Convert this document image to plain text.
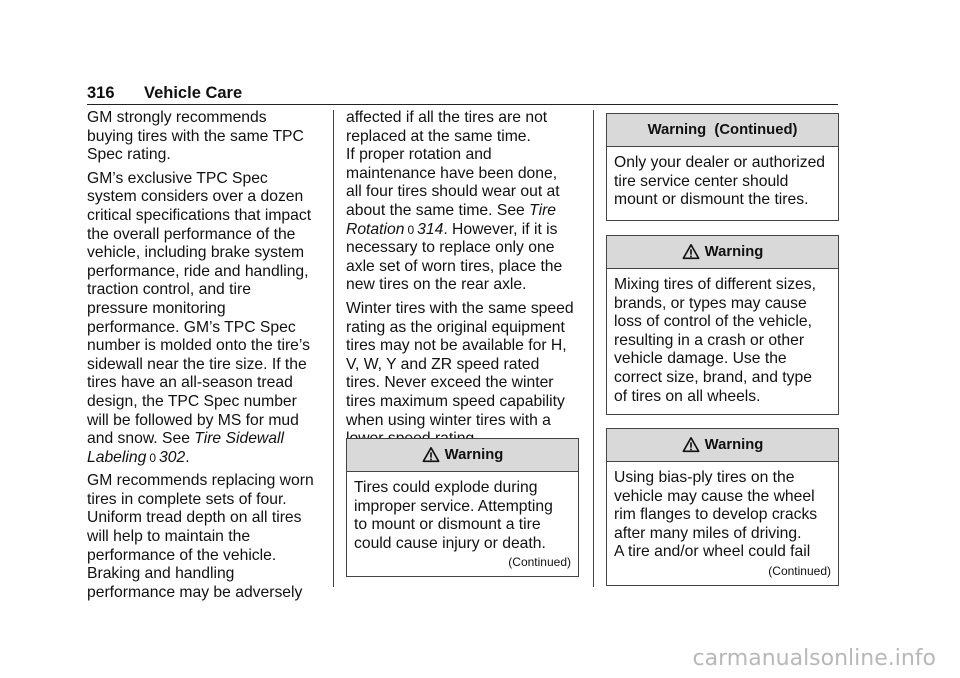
316 Vehicle Care

GM strongly recommends
buying tires with the same TPC
Spec rating.

GM’s exclusive TPC Spec
system considers over a dozen
critical specifications that impact
the overall performance of the
vehicle, including brake system
performance, ride and handling,
traction control, and tire
pressure monitoring
performance. GM’s TPC Spec
number is molded onto the tire’s
sidewall near the tire size. If the
tires have an all-season tread
design, the TPC Spec number
will be followed by MS for mud
and snow. See Tire Sidewall
Labeling 0 302.

GM recommends replacing worn
tires in complete sets of four.
Uniform tread depth on all tires
will help to maintain the
performance of the vehicle.
Braking and handling
performance may be adversely

affected if all the tires are not
replaced at the same time.

If proper rotation and
maintenance have been done,
all four tires should wear out at
about the same time. See Tire
Rotation 0 314. However, if it is
necessary to replace only one
axle set of worn tires, place the
new tires on the rear axle.

Winter tires with the same speed
rating as the original equipment
tires may not be available for H,
V, W, Y and ZR speed rated
tires. Never exceed the winter
tires maximum speed capability
when using winter tires with a

Warning
Tires could explode during
improper service. Attempting
to mount or dismount a tire
could cause injury or death.
(Continued)
Warning  (Continued)
Only your dealer or authorized
tire service center should
mount or dismount the tires.
Warning
Mixing tires of different sizes,
brands, or types may cause
loss of control of the vehicle,
resulting in a crash or other
vehicle damage. Use the
correct size, brand, and type
of tires on all wheels.
Warning
Using bias-ply tires on the
vehicle may cause the wheel
rim flanges to develop cracks
after many miles of driving.
A tire and/or wheel could fail
(Continued)
carmanualsonline.info
